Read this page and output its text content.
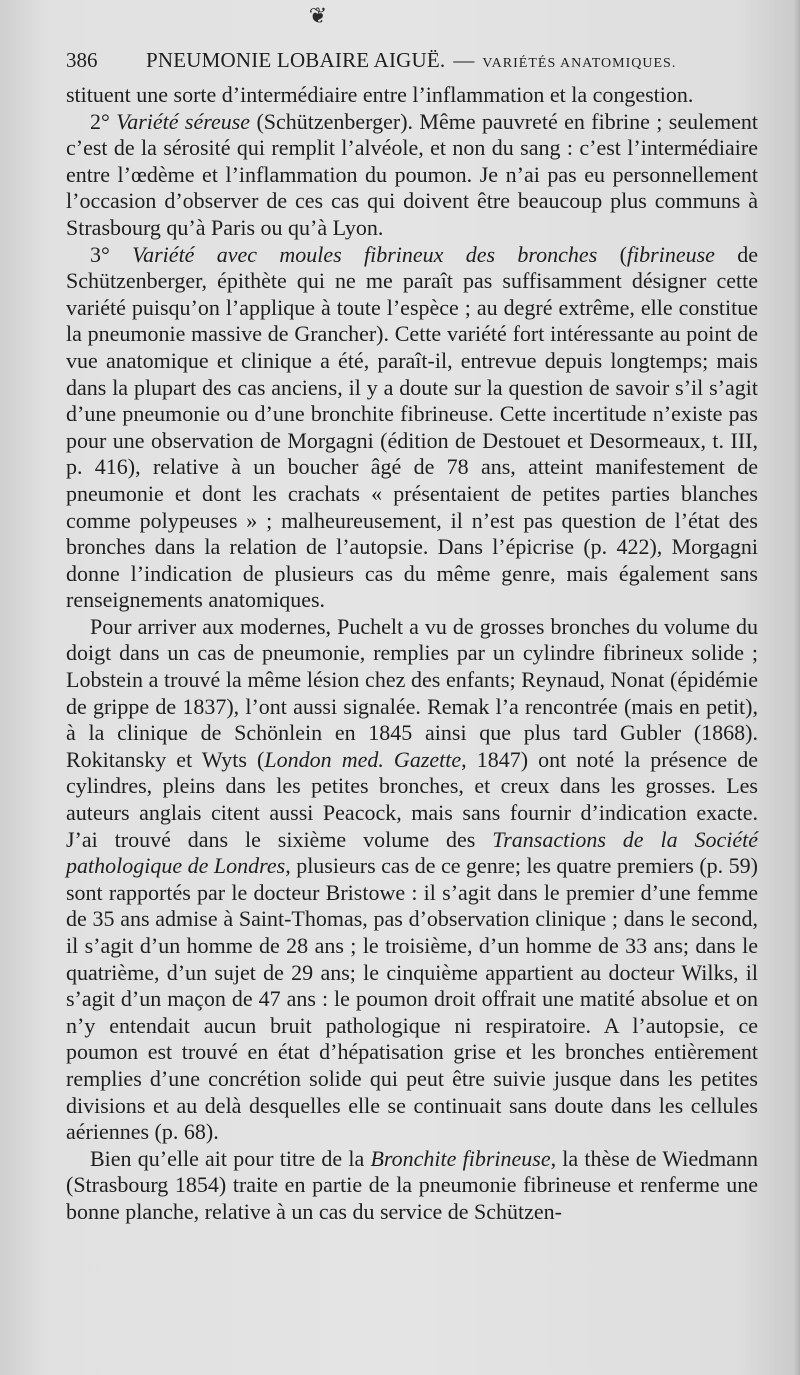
❦
386 PNEUMONIE LOBAIRE AIGUË. — VARIÉTÉS ANATOMIQUES.

stituent une sorte d’intermédiaire entre l’inflammation et la congestion.

2° Variété séreuse (Schützenberger). Même pauvreté en fibrine ; seulement c’est de la sérosité qui remplit l’alvéole, et non du sang : c’est l’intermédiaire entre l’œdème et l’inflammation du poumon. Je n’ai pas eu personnellement l’occasion d’observer de ces cas qui doivent être beaucoup plus communs à Strasbourg qu’à Paris ou qu’à Lyon.

3° Variété avec moules fibrineux des bronches (fibrineuse de Schützenberger, épithète qui ne me paraît pas suffisamment désigner cette variété puisqu’on l’applique à toute l’espèce ; au degré extrême, elle constitue la pneumonie massive de Grancher). Cette variété fort intéressante au point de vue anatomique et clinique a été, paraît-il, entrevue depuis longtemps; mais dans la plupart des cas anciens, il y a doute sur la question de savoir s’il s’agit d’une pneumonie ou d’une bronchite fibrineuse. Cette incertitude n’existe pas pour une observation de Morgagni (édition de Destouet et Desormeaux, t. III, p. 416), relative à un boucher âgé de 78 ans, atteint manifestement de pneumonie et dont les crachats « présentaient de petites parties blanches comme polypeuses » ; malheureusement, il n’est pas question de l’état des bronches dans la relation de l’autopsie. Dans l’épicrise (p. 422), Morgagni donne l’indication de plusieurs cas du même genre, mais également sans renseignements anatomiques.

Pour arriver aux modernes, Puchelt a vu de grosses bronches du volume du doigt dans un cas de pneumonie, remplies par un cylindre fibrineux solide ; Lobstein a trouvé la même lésion chez des enfants; Reynaud, Nonat (épidémie de grippe de 1837), l’ont aussi signalée. Remak l’a rencontrée (mais en petit), à la clinique de Schönlein en 1845 ainsi que plus tard Gubler (1868). Rokitansky et Wyts (London med. Gazette, 1847) ont noté la présence de cylindres, pleins dans les petites bronches, et creux dans les grosses. Les auteurs anglais citent aussi Peacock, mais sans fournir d’indication exacte. J’ai trouvé dans le sixième volume des Transactions de la Société pathologique de Londres, plusieurs cas de ce genre; les quatre premiers (p. 59) sont rapportés par le docteur Bristowe : il s’agit dans le premier d’une femme de 35 ans admise à Saint-Thomas, pas d’observation clinique ; dans le second, il s’agit d’un homme de 28 ans ; le troisième, d’un homme de 33 ans; dans le quatrième, d’un sujet de 29 ans; le cinquième appartient au docteur Wilks, il s’agit d’un maçon de 47 ans : le poumon droit offrait une matité absolue et on n’y entendait aucun bruit pathologique ni respiratoire. A l’autopsie, ce poumon est trouvé en état d’hépatisation grise et les bronches entièrement remplies d’une concrétion solide qui peut être suivie jusque dans les petites divisions et au delà desquelles elle se continuait sans doute dans les cellules aériennes (p. 68).

Bien qu’elle ait pour titre de la Bronchite fibrineuse, la thèse de Wiedmann (Strasbourg 1854) traite en partie de la pneumonie fibrineuse et renferme une bonne planche, relative à un cas du service de Schützen-
